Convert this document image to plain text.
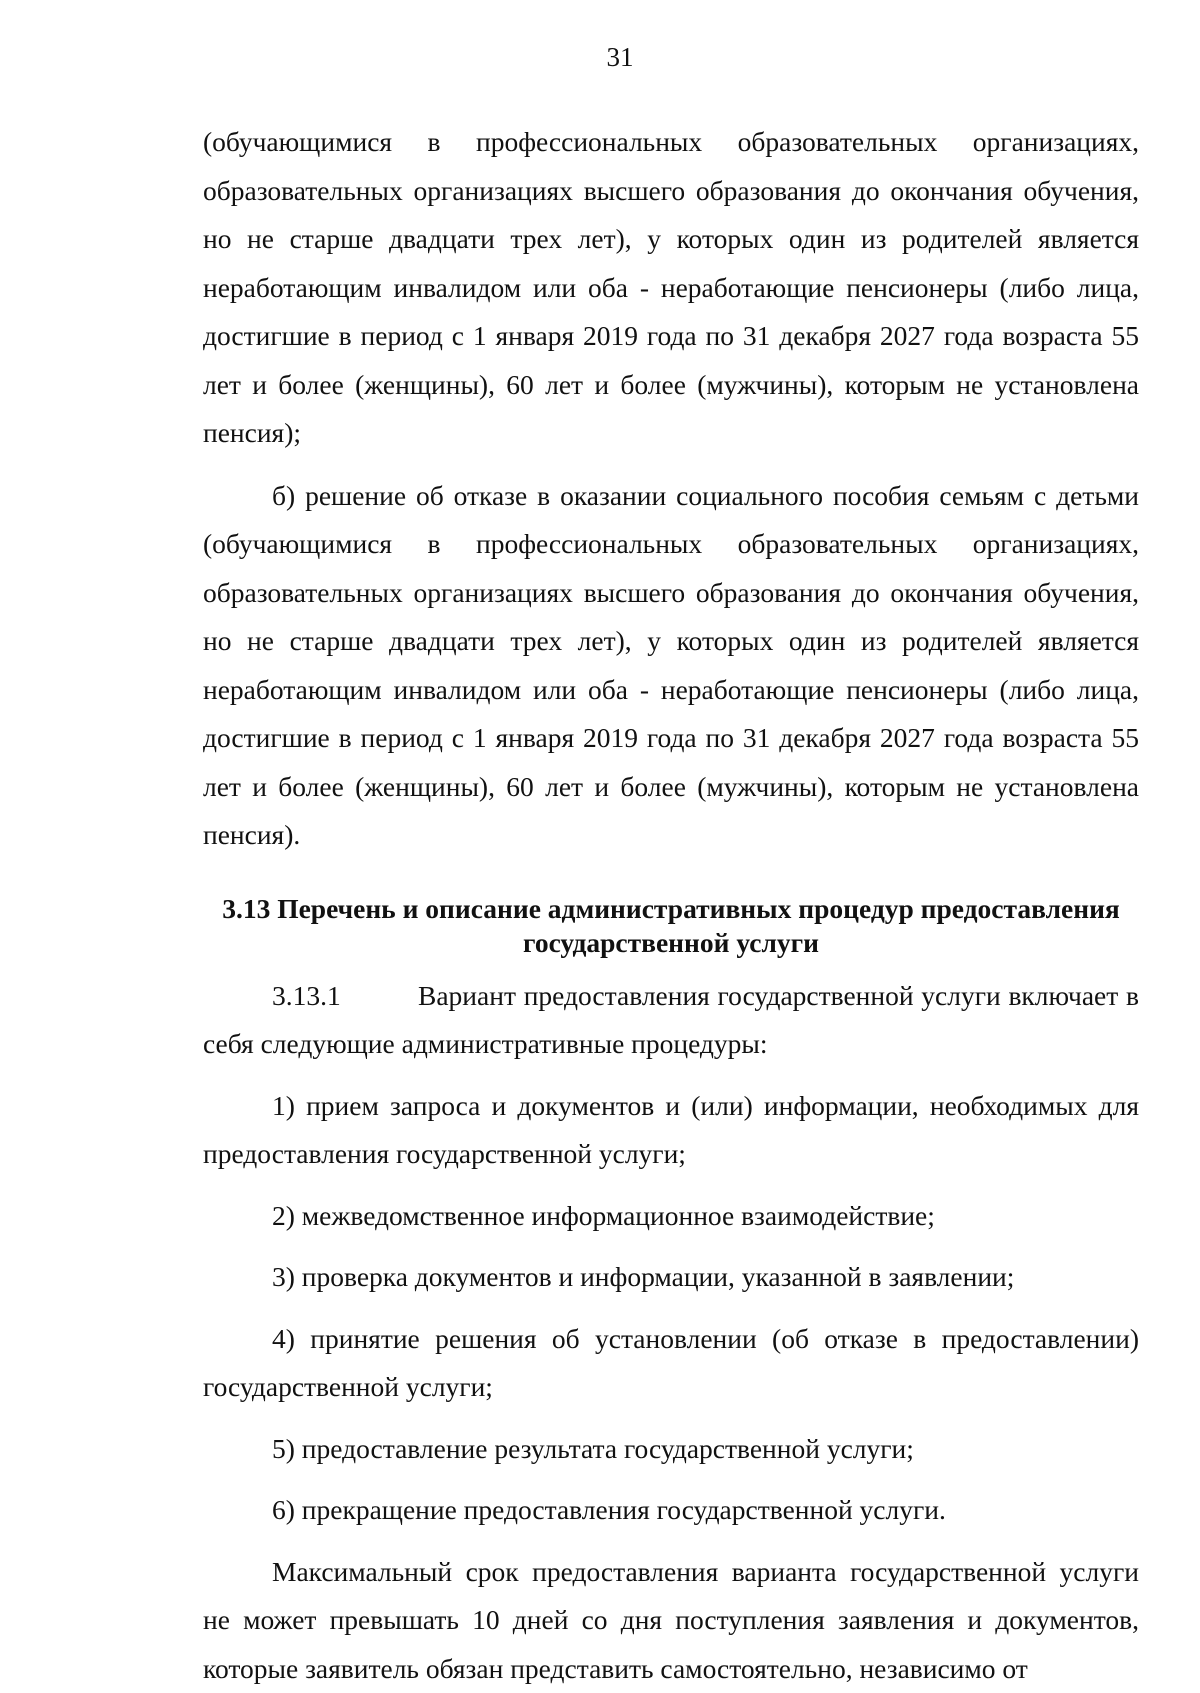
31

(обучающимися в профессиональных образовательных организациях, образовательных организациях высшего образования до окончания обучения, но не старше двадцати трех лет), у которых один из родителей является неработающим инвалидом или оба - неработающие пенсионеры (либо лица, достигшие в период с 1 января 2019 года по 31 декабря 2027 года возраста 55 лет и более (женщины), 60 лет и более (мужчины), которым не установлена пенсия);

б) решение об отказе в оказании социального пособия семьям с детьми (обучающимися в профессиональных образовательных организациях, образовательных организациях высшего образования до окончания обучения, но не старше двадцати трех лет), у которых один из родителей является неработающим инвалидом или оба - неработающие пенсионеры (либо лица, достигшие в период с 1 января 2019 года по 31 декабря 2027 года возраста 55 лет и более (женщины), 60 лет и более (мужчины), которым не установлена пенсия).

3.13 Перечень и описание административных процедур предоставления
государственной услуги

3.13.1	Вариант предоставления государственной услуги включает в себя следующие административные процедуры:

1) прием запроса и документов и (или) информации, необходимых для предоставления государственной услуги;

2) межведомственное информационное взаимодействие;

3) проверка документов и информации, указанной в заявлении;

4) принятие решения об установлении (об отказе в предоставлении) государственной услуги;

5) предоставление результата государственной услуги;

6) прекращение предоставления государственной услуги.

Максимальный срок предоставления варианта государственной услуги не может превышать 10 дней со дня поступления заявления и документов, которые заявитель обязан представить самостоятельно, независимо от
